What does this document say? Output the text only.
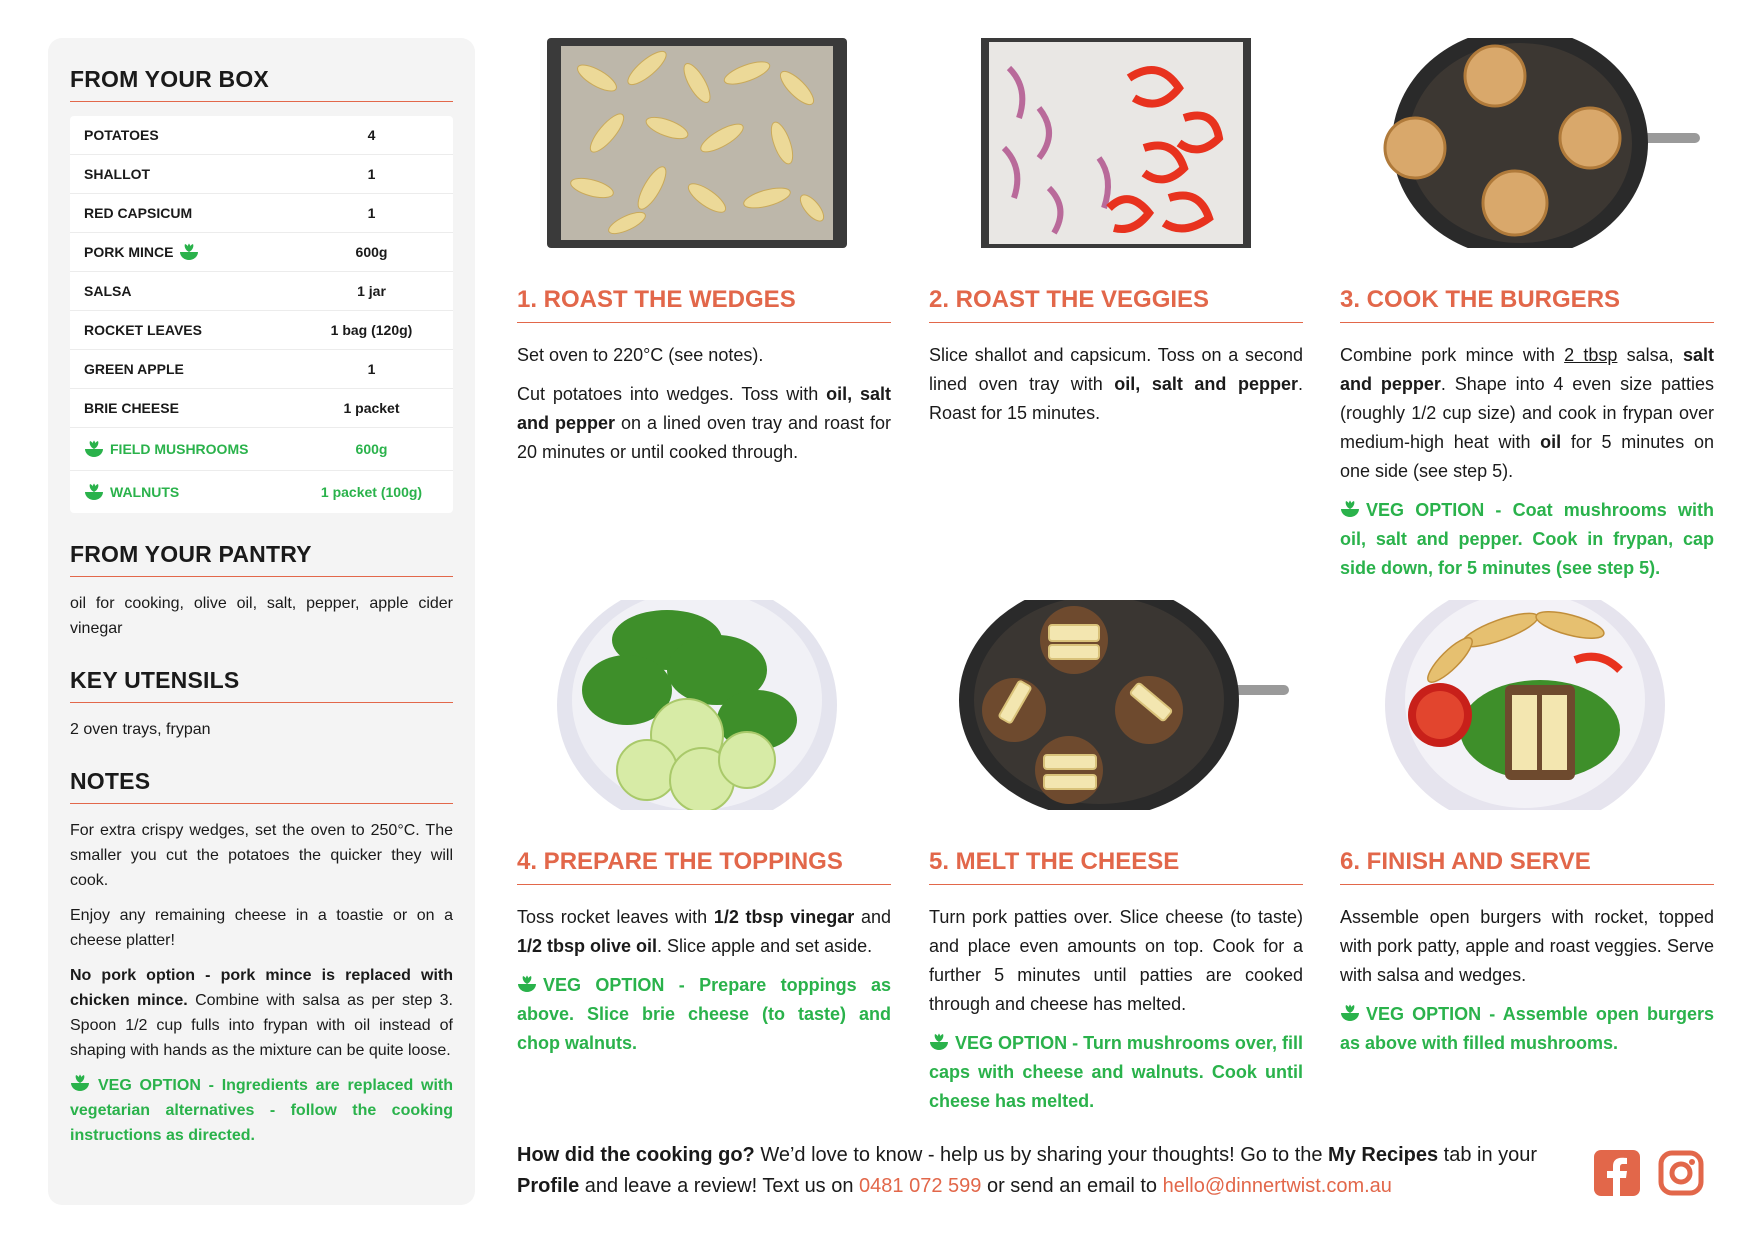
FROM YOUR BOX
POTATOES	4
SHALLOT	1
RED CAPSICUM	1
PORK MINCE	600g
SALSA	1 jar
ROCKET LEAVES	1 bag (120g)
GREEN APPLE	1
BRIE CHEESE	1 packet
FIELD MUSHROOMS	600g
WALNUTS	1 packet (100g)
FROM YOUR PANTRY

oil for cooking, olive oil, salt, pepper, apple cider vinegar

KEY UTENSILS

2 oven trays, frypan

NOTES

For extra crispy wedges, set the oven to 250°C. The smaller you cut the potatoes the quicker they will cook.

Enjoy any remaining cheese in a toastie or on a cheese platter!

No pork option - pork mince is replaced with chicken mince. Combine with salsa as per step 3. Spoon 1/2 cup fulls into frypan with oil instead of shaping with hands as the mixture can be quite loose.

VEG OPTION - Ingredients are replaced with vegetarian alternatives - follow the cooking instructions as directed.

1. ROAST THE WEDGES

Set oven to 220°C (see notes).

Cut potatoes into wedges. Toss with oil, salt and pepper on a lined oven tray and roast for 20 minutes or until cooked through.

2. ROAST THE VEGGIES

Slice shallot and capsicum. Toss on a second lined oven tray with oil, salt and pepper. Roast for 15 minutes.

3. COOK THE BURGERS

Combine pork mince with 2 tbsp salsa, salt and pepper. Shape into 4 even size patties (roughly 1/2 cup size) and cook in frypan over medium-high heat with oil for 5 minutes on one side (see step 5).

VEG OPTION - Coat mushrooms with oil, salt and pepper. Cook in frypan, cap side down, for 5 minutes (see step 5).

4. PREPARE THE TOPPINGS

Toss rocket leaves with 1/2 tbsp vinegar and 1/2 tbsp olive oil. Slice apple and set aside.

VEG OPTION - Prepare toppings as above. Slice brie cheese (to taste) and chop walnuts.

5. MELT THE CHEESE

Turn pork patties over. Slice cheese (to taste) and place even amounts on top. Cook for a further 5 minutes until patties are cooked through and cheese has melted.

VEG OPTION - Turn mushrooms over, fill caps with cheese and walnuts. Cook until cheese has melted.

6. FINISH AND SERVE

Assemble open burgers with rocket, topped with pork patty, apple and roast veggies. Serve with salsa and wedges.

VEG OPTION - Assemble open burgers as above with filled mushrooms.

How did the cooking go? We’d love to know - help us by sharing your thoughts! Go to the My Recipes tab in your Profile and leave a review! Text us on 0481 072 599 or send an email to hello@dinnertwist.com.au
